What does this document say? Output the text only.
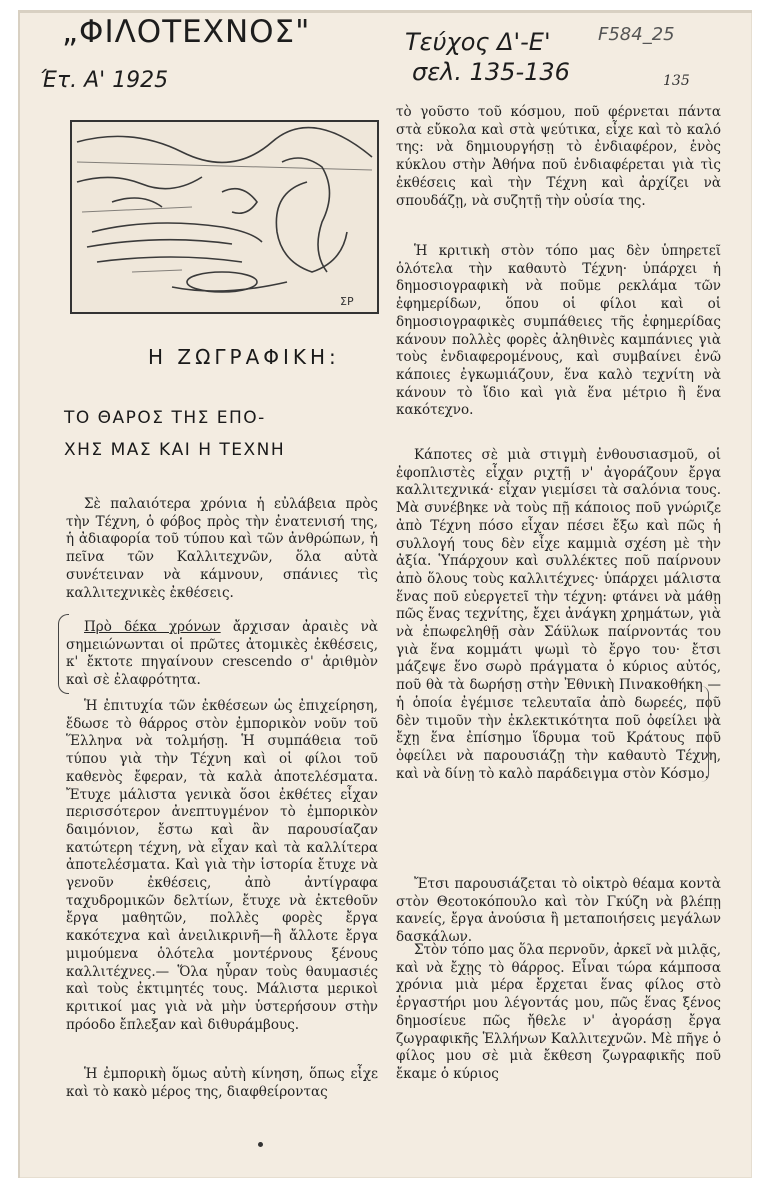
„ΦΙΛΟΤΕΧΝΟΣ"	Τεύχος Δ'-Ε'	F584_25
Έτ. Α' 1925	σελ. 135-136	135
ΣΡ
Η ΖΩΓΡΑΦΙΚΗ:
ΤΟ ΘΑΡΟΣ ΤΗΣ ΕΠΟ-
ΧΗΣ ΜΑΣ ΚΑΙ Η ΤΕΧΝΗ

Σὲ παλαιότερα χρόνια ἡ εὐλάβεια πρὸς τὴν Τέχνη, ὁ φόβος πρὸς τὴν ἐνατενισή της, ἡ ἀδιαφορία τοῦ τύπου καὶ τῶν ἀνθρώπων, ἡ πεῖνα τῶν Καλλιτεχνῶν, ὅλα αὐτὰ συνέτειναν νὰ κάμνουν, σπάνιες τὶς καλλιτεχνικὲς ἐκθέσεις.

Πρὸ δέκα χρόνων ἄρχισαν ἀραιὲς νὰ σημειώνωνται οἱ πρῶτες ἀτομικὲς ἐκθέσεις, κ' ἔκτοτε πηγαίνουν crescendo σ' ἀριθμὸν καὶ σὲ ἐλαφρότητα.

Ἡ ἐπιτυχία τῶν ἐκθέσεων ὡς ἐπιχείρηση, ἔδωσε τὸ θάρρος στὸν ἐμπορικὸν νοῦν τοῦ Ἕλληνα νὰ τολμήσῃ. Ἡ συμπάθεια τοῦ τύπου γιὰ τὴν Τέχνη καὶ οἱ φίλοι τοῦ καθενὸς ἔφεραν, τὰ καλὰ ἀποτελέσματα. Ἔτυχε μάλιστα γενικὰ ὅσοι ἐκθέτες εἶχαν περισσότερον ἀνεπτυγμένον τὸ ἐμπορικὸν δαιμόνιον, ἔστω καὶ ἂν παρουσίαζαν κατώτερη τέχνη, νὰ εἶχαν καὶ τὰ καλλίτερα ἀποτελέσματα. Καὶ γιὰ τὴν ἱστορία ἔτυχε νὰ γενοῦν ἐκθέσεις, ἀπὸ ἀντίγραφα ταχυδρομικῶν δελτίων, ἔτυχε νὰ ἐκτεθοῦν ἔργα μαθητῶν, πολλὲς φορὲς ἔργα κακότεχνα καὶ ἀνειλικρινῆ—ἢ ἄλλοτε ἔργα μιμούμενα ὁλότελα μοντέρνους ξένους καλλιτέχνες.— Ὅλα ηὗραν τοὺς θαυμασιές καὶ τοὺς ἐκτιμητές τους. Μάλιστα μερικοὶ κριτικοί μας γιὰ νὰ μὴν ὑστερήσουν στὴν πρόοδο ἔπλεξαν καὶ διθυράμβους.

Ἡ ἐμπορικὴ ὅμως αὐτὴ κίνηση, ὅπως εἶχε καὶ τὸ κακὸ μέρος της, διαφθείροντας

τὸ γοῦστο τοῦ κόσμου, ποῦ φέρνεται πάντα στὰ εὔκολα καὶ στὰ ψεύτικα, εἶχε καὶ τὸ καλό της: νὰ δημιουργήσῃ τὸ ἐνδιαφέρον, ἑνὸς κύκλου στὴν Ἀθήνα ποῦ ἐνδιαφέρεται γιὰ τὶς ἐκθέσεις καὶ τὴν Τέχνη καὶ ἀρχίζει νὰ σπουδάζῃ, νὰ συζητῇ τὴν οὐσία της.

Ἡ κριτικὴ στὸν τόπο μας δὲν ὑπηρετεῖ ὁλότελα τὴν καθαυτὸ Τέχνη· ὑπάρχει ἡ δημοσιογραφικὴ νὰ ποῦμε ρεκλάμα τῶν ἐφημερίδων, ὅπου οἱ φίλοι καὶ οἱ δημοσιογραφικὲς συμπάθειες τῆς ἐφημερίδας κάνουν πολλὲς φορὲς ἀληθινὲς καμπάνιες γιὰ τοὺς ἐνδιαφερομένους, καὶ συμβαίνει ἐνῶ κάποιες ἐγκωμιάζουν, ἕνα καλὸ τεχνίτη νὰ κάνουν τὸ ἴδιο καὶ γιὰ ἕνα μέτριο ἢ ἕνα κακότεχνο.

Κάποτες σὲ μιὰ στιγμὴ ἐνθουσιασμοῦ, οἱ ἐφοπλιστὲς εἶχαν ριχτῇ ν' ἀγοράζουν ἔργα καλλιτεχνικά· εἶχαν γιεμίσει τὰ σαλόνια τους. Μὰ συνέβηκε νὰ τοὺς πῇ κάποιος ποῦ γνώριζε ἀπὸ Τέχνη πόσο εἶχαν πέσει ἔξω καὶ πῶς ἡ συλλογή τους δὲν εἶχε καμμιὰ σχέση μὲ τὴν ἀξία. Ὑπάρχουν καὶ συλλέκτες ποῦ παίρνουν ἀπὸ ὅλους τοὺς καλλιτέχνες· ὑπάρχει μάλιστα ἕνας ποῦ εὐεργετεῖ τὴν τέχνη: φτάνει νὰ μάθῃ πῶς ἕνας τεχνίτης, ἔχει ἀνάγκη χρημάτων, γιὰ νὰ ἐπωφεληθῇ σὰν Σάϋλωκ παίρνοντάς του γιὰ ἕνα κομμάτι ψωμὶ τὸ ἔργο του· ἔτσι μάζεψε ἕνο σωρὸ πράγματα ὁ κύριος αὐτός, ποῦ θὰ τὰ δωρήσῃ στὴν Ἐθνικὴ Πινακοθήκη — ἡ ὁποία ἐγέμισε τελευταῖα ἀπὸ δωρεές, ποῦ δὲν τιμοῦν τὴν ἐκλεκτικότητα ποῦ ὀφείλει νὰ ἔχῃ ἕνα ἐπίσημο ἵδρυμα τοῦ Κράτους ποῦ ὀφείλει νὰ παρουσιάζῃ τὴν καθαυτὸ Τέχνη, καὶ νὰ δίνῃ τὸ καλὸ παράδειγμα στὸν Κόσμο.

Ἔτσι παρουσιάζεται τὸ οἰκτρὸ θέαμα κοντὰ στὸν Θεοτοκόπουλο καὶ τὸν Γκύζη νὰ βλέπῃ κανείς, ἔργα ἀνούσια ἢ μεταποιήσεις μεγάλων δασκάλων.

Στὸν τόπο μας ὅλα περνοῦν, ἀρκεῖ νὰ μιλᾷς, καὶ νὰ ἔχῃς τὸ θάρρος. Εἶναι τώρα κάμποσα χρόνια μιὰ μέρα ἔρχεται ἕνας φίλος στὸ ἐργαστήρι μου λέγοντάς μου, πῶς ἕνας ξένος δημοσίευε πῶς ἤθελε ν' ἀγοράσῃ ἔργα ζωγραφικῆς Ἑλλήνων Καλλιτεχνῶν. Μὲ πῆγε ὁ φίλος μου σὲ μιὰ ἔκθεση ζωγραφικῆς ποῦ ἔκαμε ὁ κύριος
